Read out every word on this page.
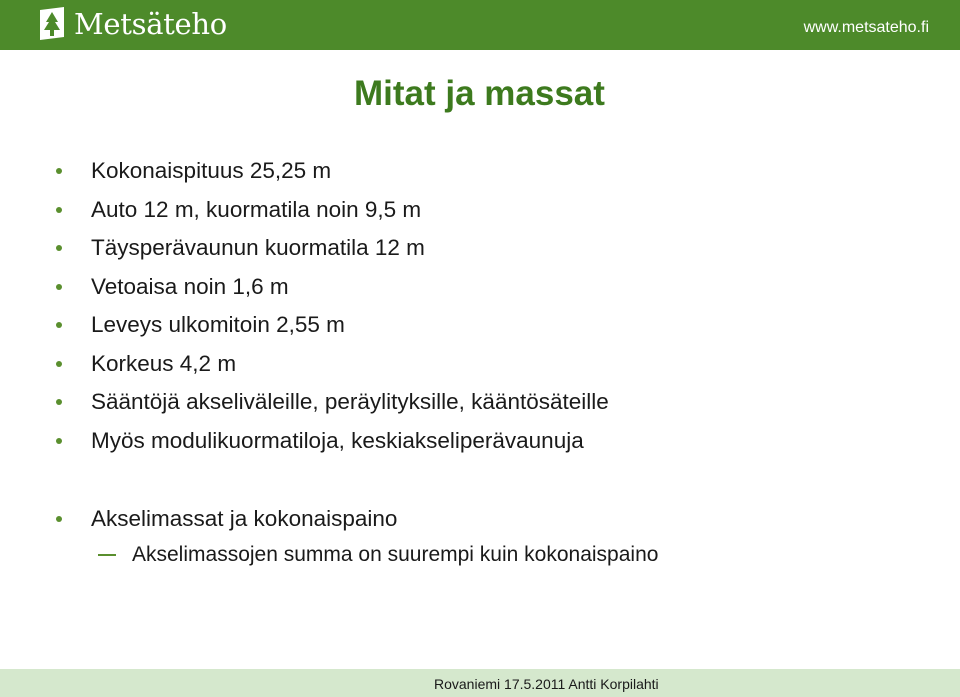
Metsäteho	www.metsateho.fi
Mitat ja massat
Kokonaispituus 25,25 m
Auto 12 m, kuormatila noin 9,5 m
Täysperävaunun kuormatila 12 m
Vetoaisa noin 1,6 m
Leveys ulkomitoin 2,55 m
Korkeus 4,2 m
Sääntöjä akseliväleille, peräylityksille, kääntösäteille
Myös modulikuormatiloja, keskiakseliperävaunuja
Akselimassat ja kokonaispaino
Akselimassojen summa on suurempi kuin kokonaispaino
Rovaniemi 17.5.2011 Antti Korpilahti
